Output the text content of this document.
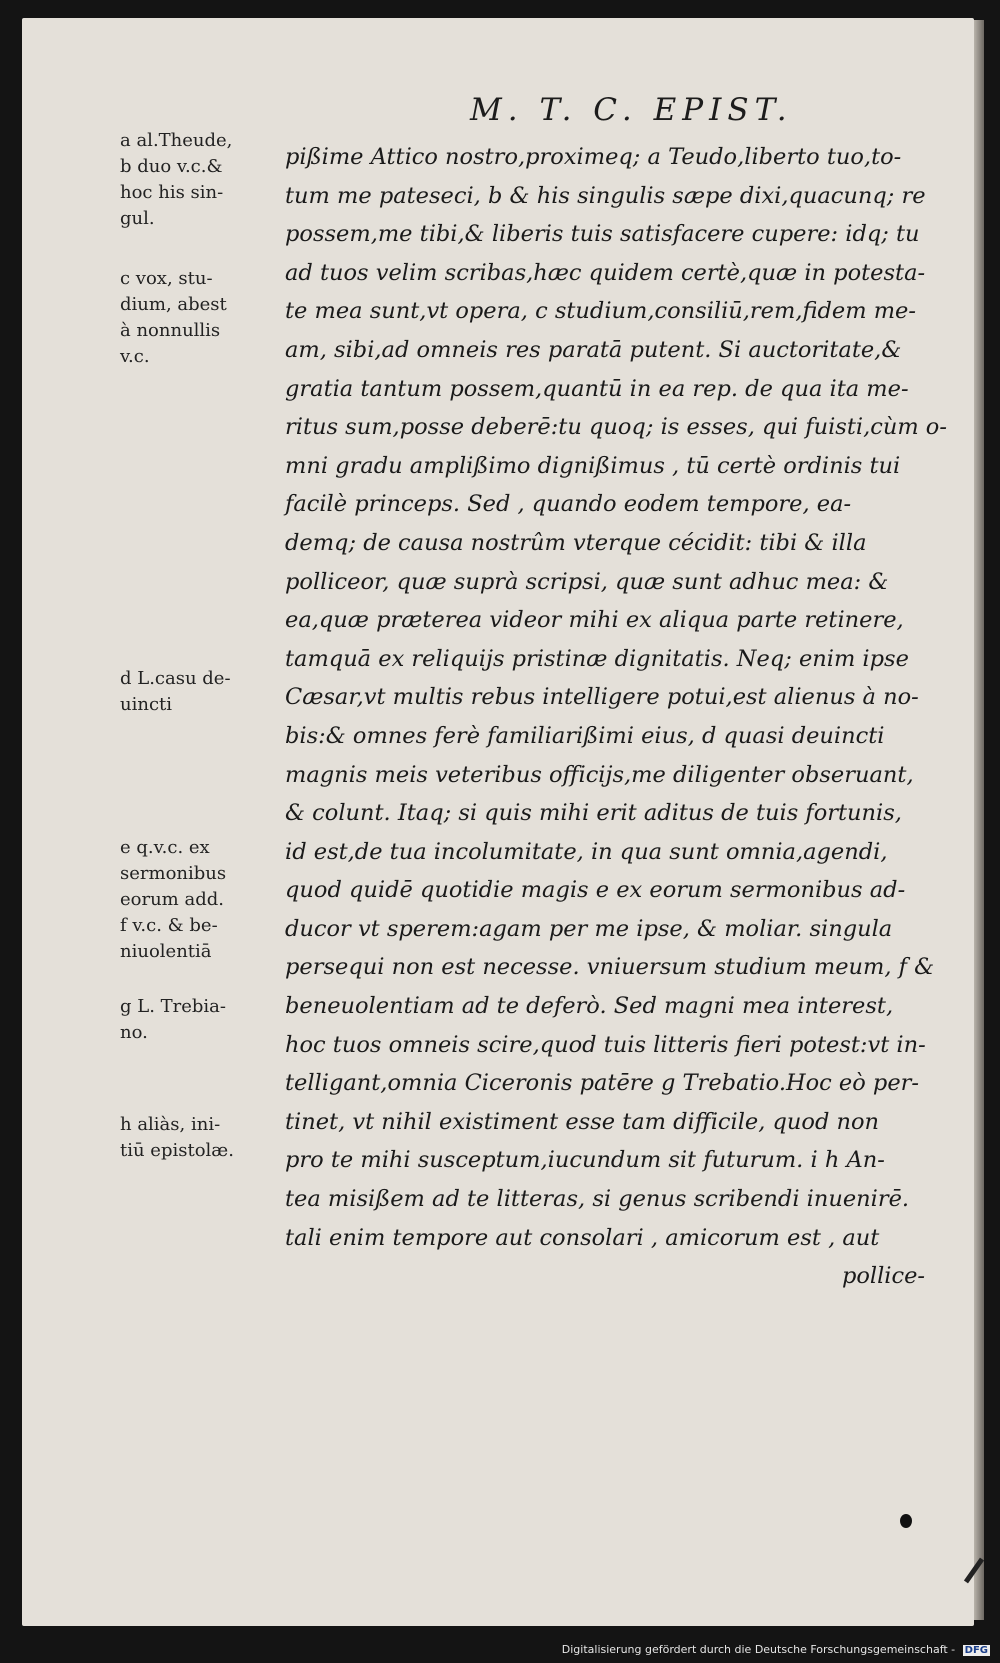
M. T. C. EPIST.
a al.Theude,
b duo v.c.&
hoc his sin-
gul.
c vox, stu-
dium, abest
à nonnullis
v.c.
d L.casu de-
uincti
e q.v.c. ex
sermonibus
eorum add.
f v.c. & be-
niuolentiā
g L. Trebia-
no.
h aliàs, ini-
tiū epistolæ.
pißime Attico nostro,proximeq; a Teudo,liberto tuo,to-
tum me pateseci, b & his singulis sæpe dixi,quacunq; re
possem,me tibi,& liberis tuis satisfacere cupere: idq; tu
ad tuos velim scribas,hæc quidem certè,quæ in potesta-
te mea sunt,vt opera, c studium,consiliū,rem,fidem me-
am, sibi,ad omneis res paratā putent. Si auctoritate,&
gratia tantum possem,quantū in ea rep. de qua ita me-
ritus sum,posse deberē:tu quoq; is esses, qui fuisti,cùm o-
mni gradu amplißimo dignißimus , tū certè ordinis tui
facilè princeps. Sed , quando eodem tempore, ea-
demq; de causa nostrûm vterque cécidit: tibi & illa
polliceor, quæ suprà scripsi, quæ sunt adhuc mea: &
ea,quæ præterea videor mihi ex aliqua parte retinere,
tamquā ex reliquijs pristinæ dignitatis. Neq; enim ipse
Cæsar,vt multis rebus intelligere potui,est alienus à no-
bis:& omnes ferè familiarißimi eius, d quasi deuincti
magnis meis veteribus officijs,me diligenter obseruant,
& colunt. Itaq; si quis mihi erit aditus de tuis fortunis,
id est,de tua incolumitate, in qua sunt omnia,agendi,
quod quidē quotidie magis e ex eorum sermonibus ad-
ducor vt sperem:agam per me ipse, & moliar. singula
persequi non est necesse. vniuersum studium meum, f &
beneuolentiam ad te deferò. Sed magni mea interest,
hoc tuos omneis scire,quod tuis litteris fieri potest:vt in-
telligant,omnia Ciceronis patēre g Trebatio.Hoc eò per-
tinet, vt nihil existiment esse tam difficile, quod non
pro te mihi susceptum,iucundum sit futurum. i h An-
tea misißem ad te litteras, si genus scribendi inuenirē.
tali enim tempore aut consolari , amicorum est , aut
pollice-
Digitalisierung gefördert durch die Deutsche Forschungsgemeinschaft - DFG
